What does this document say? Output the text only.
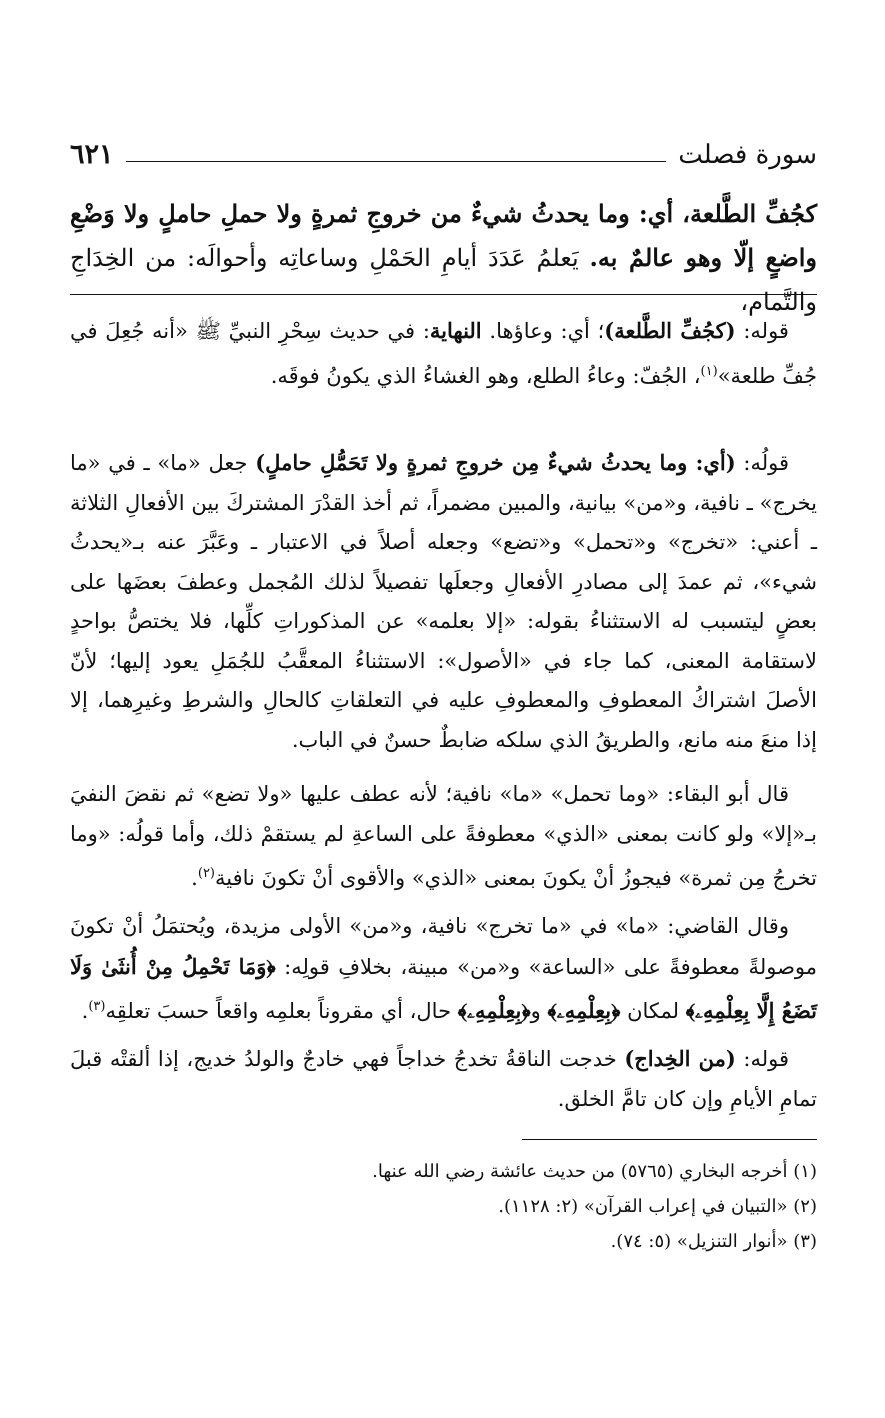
سورة فصلت
٦٢١
كجُفِّ الطَّلعة، أي: وما يحدثُ شيءٌ من خروجِ ثمرةٍ ولا حملِ حاملٍ ولا وَضْعِ واضعٍ إلّا وهو عالمٌ به. يَعلمُ عَدَدَ أيامِ الحَمْلِ وساعاتِه وأحوالَه: من الخِدَاجِ والتَّمام،
قوله: (كجُفِّ الطَّلعة)؛ أي: وعاؤها. النهاية: في حديث سِحْرِ النبيِّ ﷺ «أنه جُعِلَ في جُفِّ طلعة»$^{(١)}$، الجُفّ: وعاءُ الطلع، وهو الغشاءُ الذي يكونُ فوقَه.
قولُه: (أي: وما يحدثُ شيءٌ مِن خروجِ ثمرةٍ ولا تَحَمُّلِ حاملٍ) جعل «ما» ـ في «ما يخرج» ـ نافية، و«من» بيانية، والمبين مضمراً، ثم أخذ القدْرَ المشتركَ بين الأفعالِ الثلاثة ـ أعني: «تخرج» و«تحمل» و«تضع» وجعله أصلاً في الاعتبار ـ وعَبَّرَ عنه بـ«يحدثُ شيء»، ثم عمدَ إلى مصادرِ الأفعالِ وجعلَها تفصيلاً لذلك المُجمل وعطفَ بعضَها على بعضٍ ليتسبب له الاستثناءُ بقوله: «إلا بعلمه» عن المذكوراتِ كلِّها، فلا يختصُّ بواحدٍ لاستقامة المعنى، كما جاء في «الأصول»: الاستثناءُ المعقَّبُ للجُمَلِ يعود إليها؛ لأنّ الأصلَ اشتراكُ المعطوفِ والمعطوفِ عليه في التعلقاتِ كالحالِ والشرطِ وغيرِهما، إلا إذا منعَ منه مانع، والطريقُ الذي سلكه ضابطٌ حسنٌ في الباب.
قال أبو البقاء: «وما تحمل» «ما» نافية؛ لأنه عطف عليها «ولا تضع» ثم نقضَ النفيَ بـ«إلا» ولو كانت بمعنى «الذي» معطوفةً على الساعةِ لم يستقمْ ذلك، وأما قولُه: «وما تخرجُ مِن ثمرة» فيجوزُ أنْ يكونَ بمعنى «الذي» والأقوى أنْ تكونَ نافية$^{(٢)}$.
وقال القاضي: «ما» في «ما تخرج» نافية، و«من» الأولى مزيدة، ويُحتمَلُ أنْ تكونَ موصولةً معطوفةً على «الساعة» و«من» مبينة، بخلافِ قولِه: ﴿وَمَا تَحْمِلُ مِنْ أُنثَىٰ وَلَا تَضَعُ إِلَّا بِعِلْمِهِۦ﴾ لمكان ﴿بِعِلْمِهِۦ﴾ و﴿بِعِلْمِهِۦ﴾ حال، أي مقروناً بعلمِه واقعاً حسبَ تعلقِه$^{(٣)}$.
قوله: (من الخِداج) خدجت الناقةُ تخدجُ خداجاً فهي خادجٌ والولدُ خديج، إذا ألقتْه قبلَ تمامِ الأيامِ وإن كان تامَّ الخلق.
(١) أخرجه البخاري (٥٧٦٥) من حديث عائشة رضي الله عنها.
(٢) «التبيان في إعراب القرآن» (٢: ١١٢٨).
(٣) «أنوار التنزيل» (٥: ٧٤).
